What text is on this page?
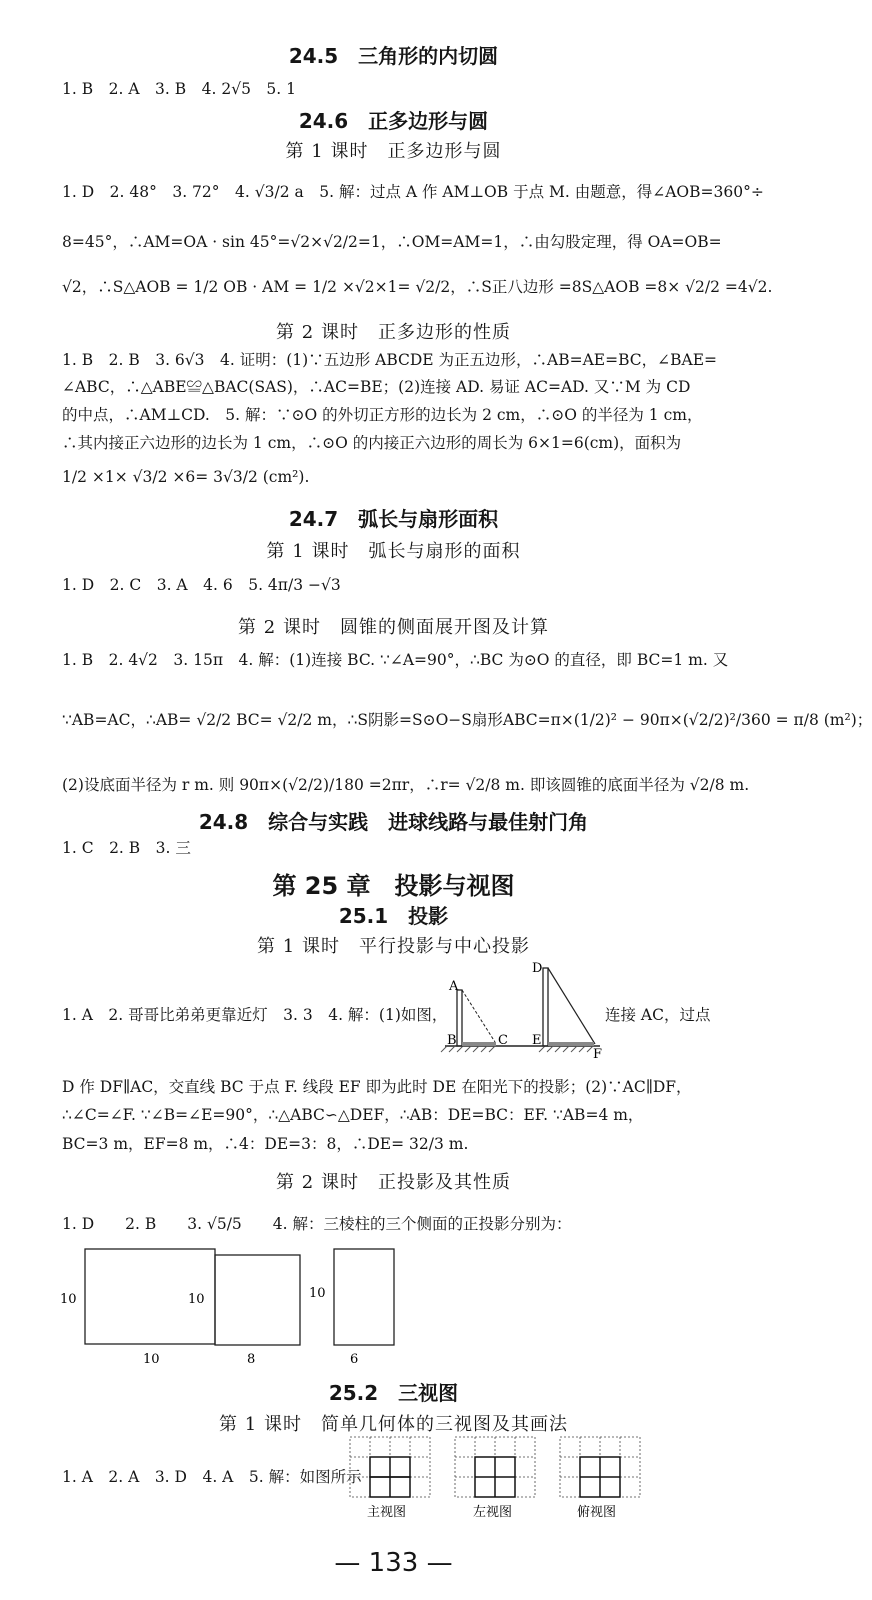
24.5　三角形的内切圆
1. B　2. A　3. B　4. 2√5　5. 1
24.6　正多边形与圆
第 1 课时　正多边形与圆
1. D　2. 48°　3. 72°　4. √3/2 a　5. 解：过点 A 作 AM⊥OB 于点 M. 由题意，得∠AOB=360°÷
8=45°，∴AM=OA · sin 45°=√2×√2/2=1，∴OM=AM=1，∴由勾股定理，得 OA=OB=
√2，∴S△AOB = 1/2 OB · AM = 1/2 ×√2×1= √2/2，∴S正八边形 =8S△AOB =8× √2/2 =4√2.
第 2 课时　正多边形的性质
1. B　2. B　3. 6√3　4. 证明：(1)∵五边形 ABCDE 为正五边形，∴AB=AE=BC，∠BAE=
∠ABC，∴△ABE≌△BAC(SAS)，∴AC=BE；(2)连接 AD. 易证 AC=AD. 又∵M 为 CD
的中点，∴AM⊥CD.　5. 解：∵⊙O 的外切正方形的边长为 2 cm，∴⊙O 的半径为 1 cm，
∴其内接正六边形的边长为 1 cm，∴⊙O 的内接正六边形的周长为 6×1=6(cm)，面积为
1/2 ×1× √3/2 ×6= 3√3/2 (cm²).
24.7　弧长与扇形面积
第 1 课时　弧长与扇形的面积
1. D　2. C　3. A　4. 6　5. 4π/3 −√3
第 2 课时　圆锥的侧面展开图及计算
1. B　2. 4√2　3. 15π　4. 解：(1)连接 BC. ∵∠A=90°，∴BC 为⊙O 的直径，即 BC=1 m. 又
∵AB=AC，∴AB= √2/2 BC= √2/2 m，∴S阴影=S⊙O−S扇形ABC=π×(1/2)² − 90π×(√2/2)²/360 = π/8 (m²)；
(2)设底面半径为 r m. 则 90π×(√2/2)/180 =2πr，∴r= √2/8 m. 即该圆锥的底面半径为 √2/8 m.
24.8　综合与实践　进球线路与最佳射门角
1. C　2. B　3. 三
第 25 章　投影与视图
25.1　投影
第 1 课时　平行投影与中心投影
1. A　2. 哥哥比弟弟更靠近灯　3. 3　4. 解：(1)如图，	连接 AC，过点
A
B	C
D
E
F
D 作 DF∥AC，交直线 BC 于点 F. 线段 EF 即为此时 DE 在阳光下的投影；(2)∵AC∥DF，
∴∠C=∠F. ∵∠B=∠E=90°，∴△ABC∽△DEF，∴AB：DE=BC：EF. ∵AB=4 m，
BC=3 m，EF=8 m，∴4：DE=3：8，∴DE= 32/3 m.
第 2 课时　正投影及其性质
1. D　　2. B　　3. √5/5　　4. 解：三棱柱的三个侧面的正投影分别为：
10
10
10
8
10
6
25.2　三视图
第 1 课时　简单几何体的三视图及其画法
1. A　2. A　3. D　4. A　5. 解：如图所示
主视图	左视图	俯视图
— 133 —
